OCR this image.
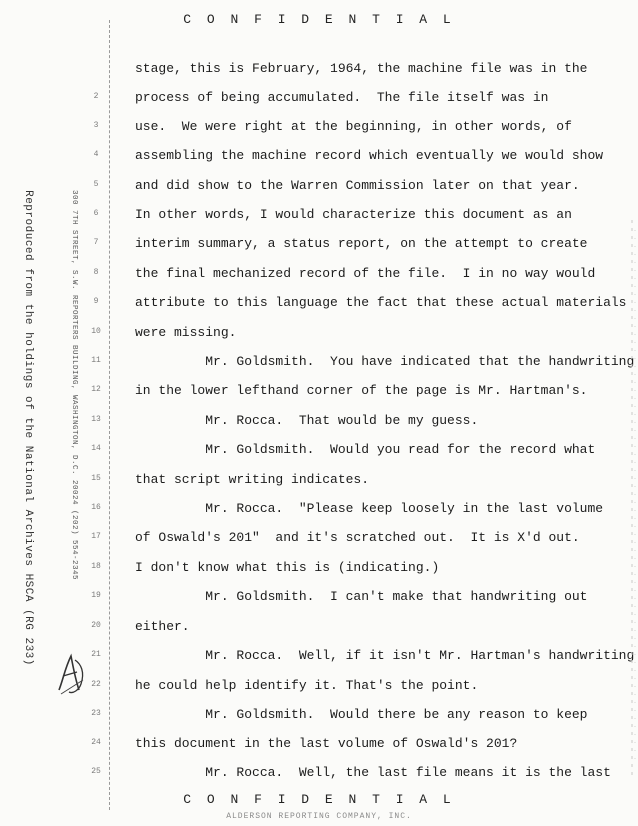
C O N F I D E N T I A L
Reproduced from the holdings of the National Archives HSCA (RG 233)	300 7TH STREET, S.W. REPORTERS BUILDING, WASHINGTON, D.C. 20024 (202) 554-2345
stage, this is February, 1964, the machine file was in the
process of being accumulated.  The file itself was in
use.  We were right at the beginning, in other words, of
assembling the machine record which eventually we would show
and did show to the Warren Commission later on that year.
In other words, I would characterize this document as an
interim summary, a status report, on the attempt to create
the final mechanized record of the file.  I in no way would
attribute to this language the fact that these actual materials
were missing.
Mr. Goldsmith.  You have indicated that the handwriting
in the lower lefthand corner of the page is Mr. Hartman's.
Mr. Rocca.  That would be my guess.
Mr. Goldsmith.  Would you read for the record what
that script writing indicates.
Mr. Rocca.  "Please keep loosely in the last volume
of Oswald's 201"  and it's scratched out.  It is X'd out.
I don't know what this is (indicating.)
Mr. Goldsmith.  I can't make that handwriting out
either.
Mr. Rocca.  Well, if it isn't Mr. Hartman's handwriting
he could help identify it. That's the point.
Mr. Goldsmith.  Would there be any reason to keep
this document in the last volume of Oswald's 201?
Mr. Rocca.  Well, the last file means it is the last
2
3
4
5
6
7
8
9
10
11
12
13
14
15
16
17
18
19
20
21
22
23
24
25
C O N F I D E N T I A L
ALDERSON REPORTING COMPANY, INC.
